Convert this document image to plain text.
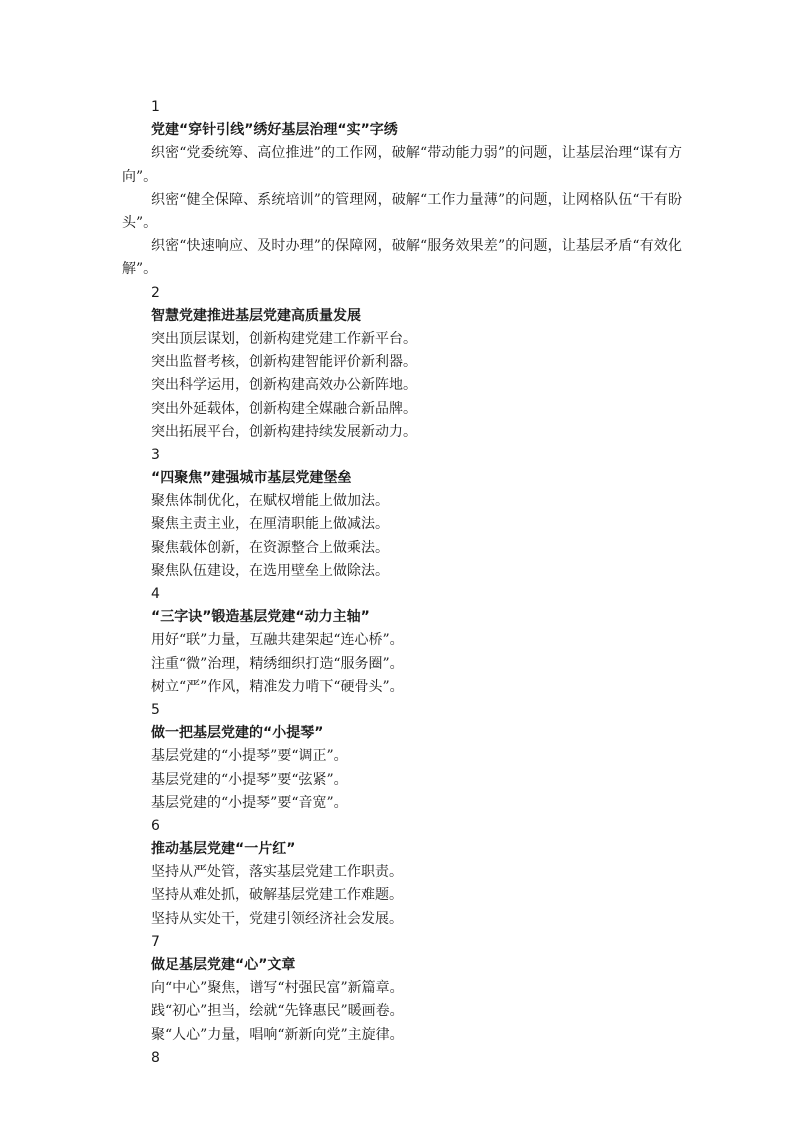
1
党建“穿针引线”绣好基层治理“实”字绣

织密“党委统筹、高位推进”的工作网，破解“带动能力弱”的问题，让基层治理“谋有方向”。

织密“健全保障、系统培训”的管理网，破解“工作力量薄”的问题，让网格队伍“干有盼头”。

织密“快速响应、及时办理”的保障网，破解“服务效果差”的问题，让基层矛盾“有效化解”。

2
智慧党建推进基层党建高质量发展
突出顶层谋划，创新构建党建工作新平台。
突出监督考核，创新构建智能评价新利器。
突出科学运用，创新构建高效办公新阵地。
突出外延载体，创新构建全媒融合新品牌。
突出拓展平台，创新构建持续发展新动力。
3
“四聚焦”建强城市基层党建堡垒
聚焦体制优化，在赋权增能上做加法。
聚焦主责主业，在厘清职能上做减法。
聚焦载体创新，在资源整合上做乘法。
聚焦队伍建设，在选用壁垒上做除法。
4
“三字诀”锻造基层党建“动力主轴”
用好“联”力量，互融共建架起“连心桥”。
注重“微”治理，精绣细织打造“服务圈”。
树立“严”作风，精准发力啃下“硬骨头”。
5
做一把基层党建的“小提琴”
基层党建的“小提琴”要“调正”。
基层党建的“小提琴”要“弦紧”。
基层党建的“小提琴”要“音宽”。
6
推动基层党建“一片红”
坚持从严处管，落实基层党建工作职责。
坚持从难处抓，破解基层党建工作难题。
坚持从实处干，党建引领经济社会发展。
7
做足基层党建“心”文章
向“中心”聚焦，谱写“村强民富”新篇章。
践“初心”担当，绘就“先锋惠民”暖画卷。
聚“人心”力量，唱响“新新向党”主旋律。
8
